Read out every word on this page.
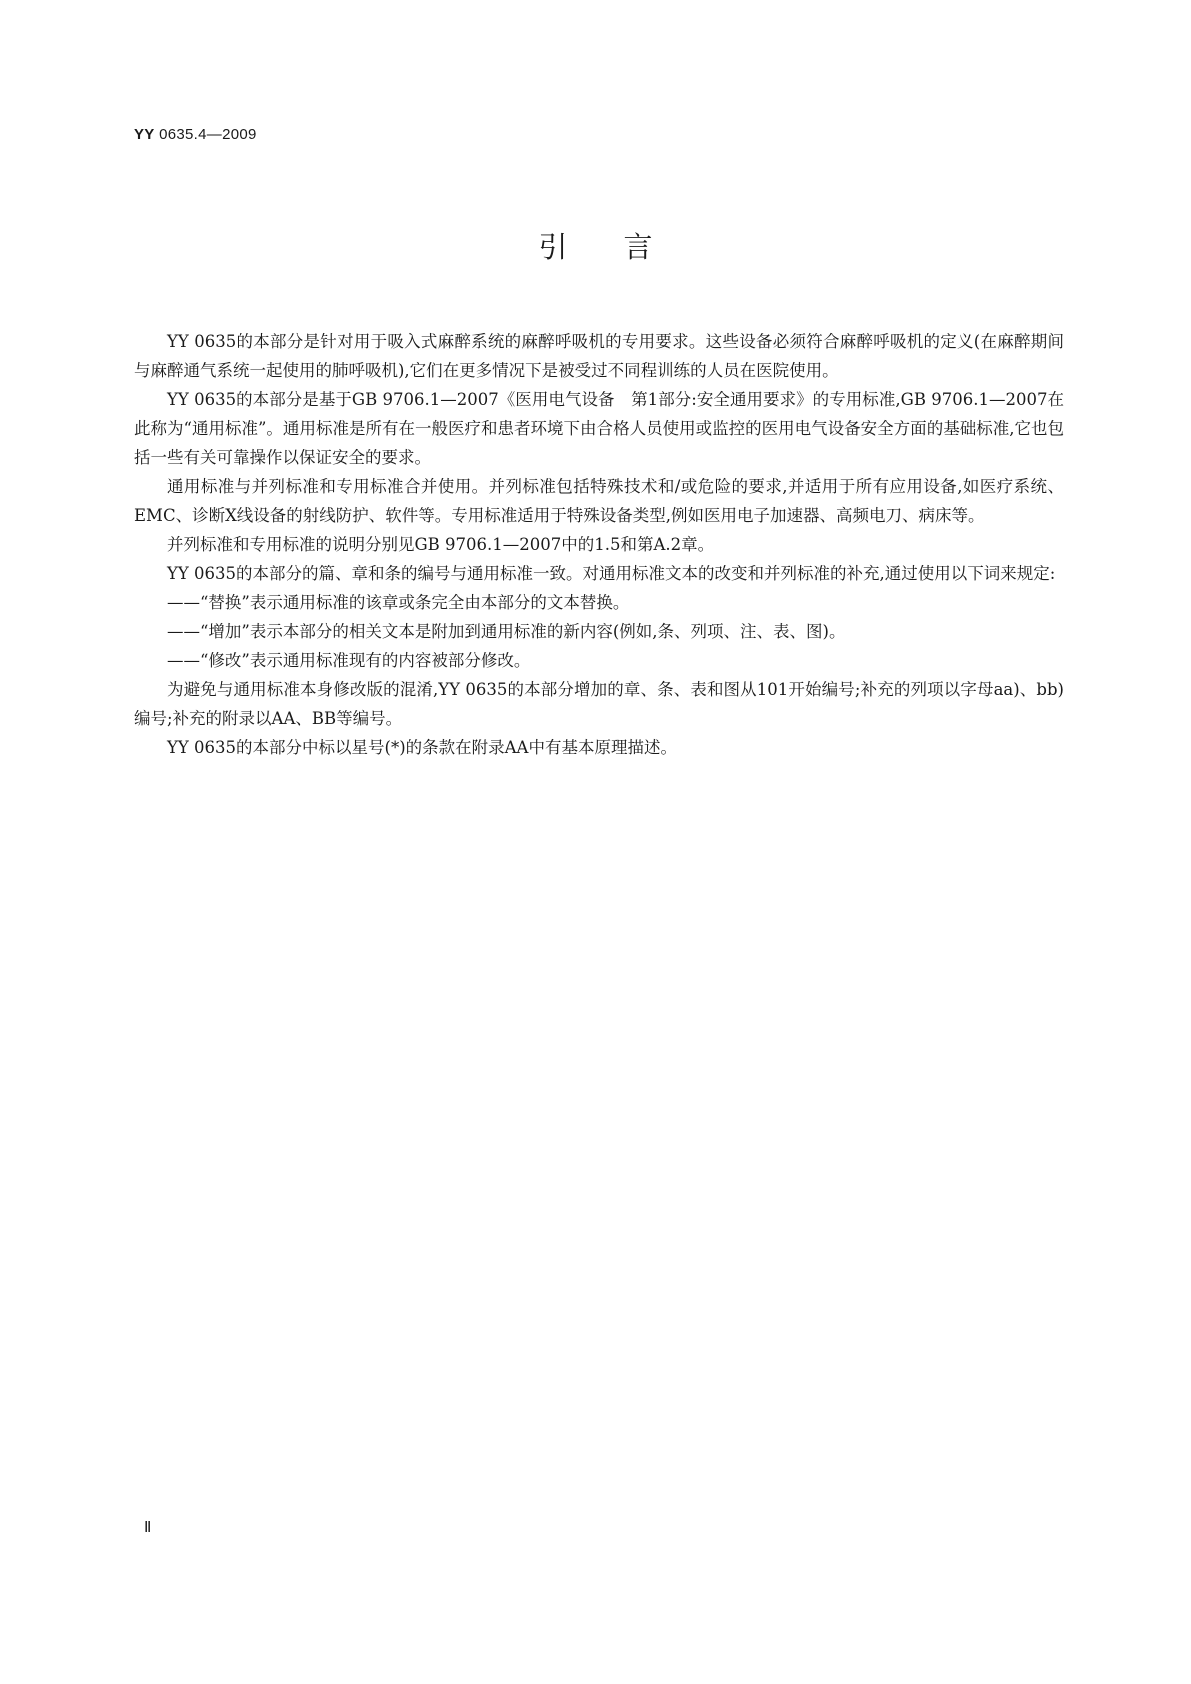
YY 0635.4—2009
引言

YY 0635的本部分是针对用于吸入式麻醉系统的麻醉呼吸机的专用要求。这些设备必须符合麻醉呼吸机的定义(在麻醉期间与麻醉通气系统一起使用的肺呼吸机),它们在更多情况下是被受过不同程训练的人员在医院使用。

YY 0635的本部分是基于GB 9706.1—2007《医用电气设备　第1部分:安全通用要求》的专用标准,GB 9706.1—2007在此称为“通用标准”。通用标准是所有在一般医疗和患者环境下由合格人员使用或监控的医用电气设备安全方面的基础标准,它也包括一些有关可靠操作以保证安全的要求。

通用标准与并列标准和专用标准合并使用。并列标准包括特殊技术和/或危险的要求,并适用于所有应用设备,如医疗系统、EMC、诊断X线设备的射线防护、软件等。专用标准适用于特殊设备类型,例如医用电子加速器、高频电刀、病床等。

并列标准和专用标准的说明分别见GB 9706.1—2007中的1.5和第A.2章。

YY 0635的本部分的篇、章和条的编号与通用标准一致。对通用标准文本的改变和并列标准的补充,通过使用以下词来规定:

——“替换”表示通用标准的该章或条完全由本部分的文本替换。

——“增加”表示本部分的相关文本是附加到通用标准的新内容(例如,条、列项、注、表、图)。

——“修改”表示通用标准现有的内容被部分修改。

为避免与通用标准本身修改版的混淆,YY 0635的本部分增加的章、条、表和图从101开始编号;补充的列项以字母aa)、bb)编号;补充的附录以AA、BB等编号。

YY 0635的本部分中标以星号(*)的条款在附录AA中有基本原理描述。

Ⅱ
